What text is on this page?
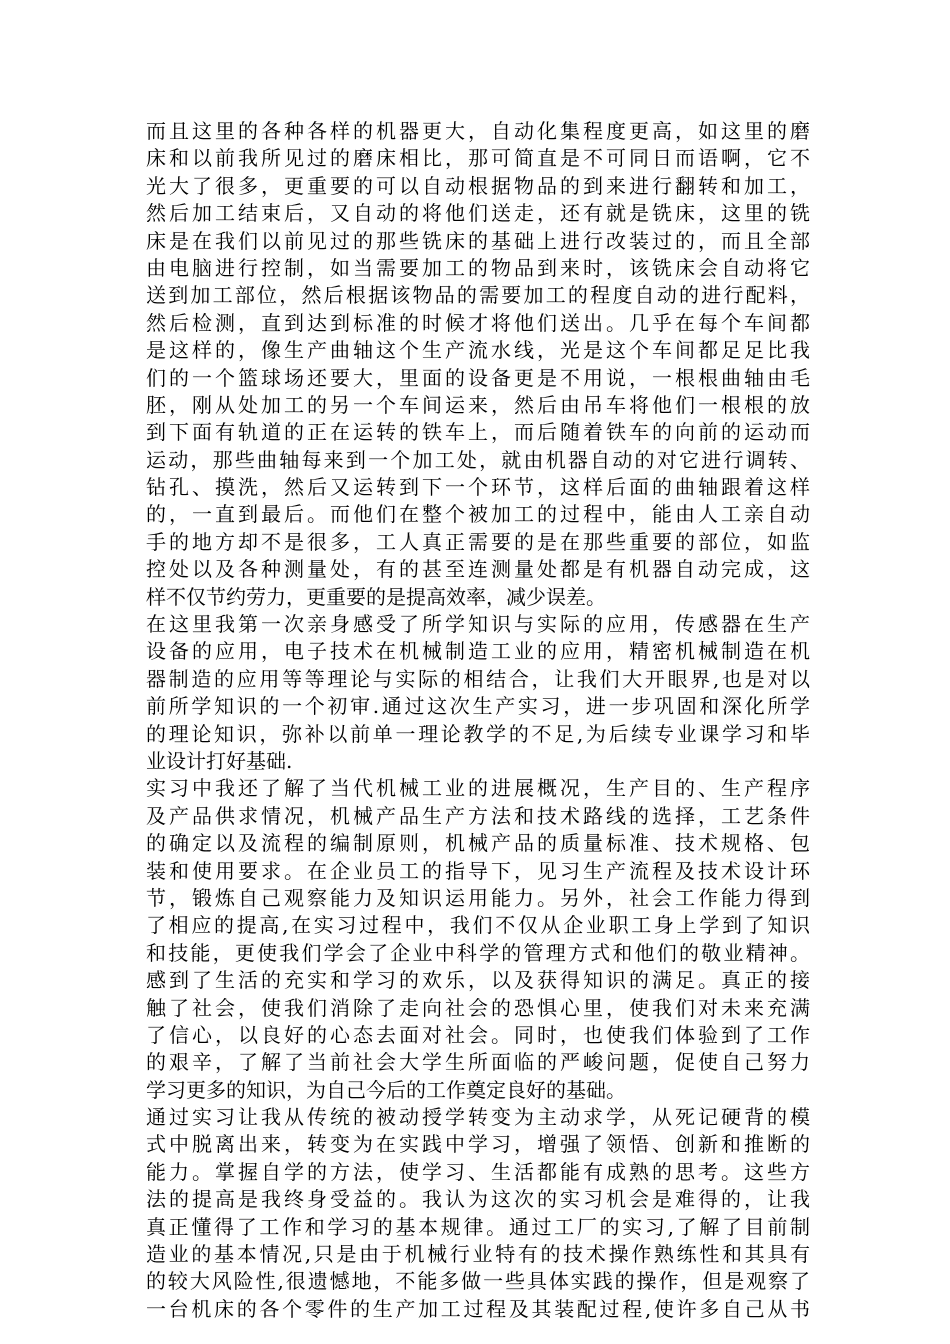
而且这里的各种各样的机器更大，自动化集程度更高，如这里的磨
床和以前我所见过的磨床相比，那可简直是不可同日而语啊，它不
光大了很多，更重要的可以自动根据物品的到来进行翻转和加工，
然后加工结束后，又自动的将他们送走，还有就是铣床，这里的铣
床是在我们以前见过的那些铣床的基础上进行改装过的，而且全部
由电脑进行控制，如当需要加工的物品到来时，该铣床会自动将它
送到加工部位，然后根据该物品的需要加工的程度自动的进行配料，
然后检测，直到达到标准的时候才将他们送出。几乎在每个车间都
是这样的，像生产曲轴这个生产流水线，光是这个车间都足足比我
们的一个篮球场还要大，里面的设备更是不用说，一根根曲轴由毛
胚，刚从处加工的另一个车间运来，然后由吊车将他们一根根的放
到下面有轨道的正在运转的铁车上，而后随着铁车的向前的运动而
运动，那些曲轴每来到一个加工处，就由机器自动的对它进行调转、
钻孔、摸洗，然后又运转到下一个环节，这样后面的曲轴跟着这样
的，一直到最后。而他们在整个被加工的过程中，能由人工亲自动
手的地方却不是很多，工人真正需要的是在那些重要的部位，如监
控处以及各种测量处，有的甚至连测量处都是有机器自动完成，这
样不仅节约劳力，更重要的是提高效率，减少误差。
在这里我第一次亲身感受了所学知识与实际的应用，传感器在生产
设备的应用，电子技术在机械制造工业的应用，精密机械制造在机
器制造的应用等等理论与实际的相结合，让我们大开眼界,也是对以
前所学知识的一个初审.通过这次生产实习，进一步巩固和深化所学
的理论知识，弥补以前单一理论教学的不足,为后续专业课学习和毕
业设计打好基础.
实习中我还了解了当代机械工业的进展概况，生产目的、生产程序
及产品供求情况，机械产品生产方法和技术路线的选择，工艺条件
的确定以及流程的编制原则，机械产品的质量标准、技术规格、包
装和使用要求。在企业员工的指导下，见习生产流程及技术设计环
节，锻炼自己观察能力及知识运用能力。另外，社会工作能力得到
了相应的提高,在实习过程中，我们不仅从企业职工身上学到了知识
和技能，更使我们学会了企业中科学的管理方式和他们的敬业精神。
感到了生活的充实和学习的欢乐，以及获得知识的满足。真正的接
触了社会，使我们消除了走向社会的恐惧心里，使我们对未来充满
了信心，以良好的心态去面对社会。同时，也使我们体验到了工作
的艰辛，了解了当前社会大学生所面临的严峻问题，促使自己努力
学习更多的知识，为自己今后的工作奠定良好的基础。
通过实习让我从传统的被动授学转变为主动求学，从死记硬背的模
式中脱离出来，转变为在实践中学习，增强了领悟、创新和推断的
能力。掌握自学的方法，使学习、生活都能有成熟的思考。这些方
法的提高是我终身受益的。我认为这次的实习机会是难得的，让我
真正懂得了工作和学习的基本规律。通过工厂的实习,了解了目前制
造业的基本情况,只是由于机械行业特有的技术操作熟练性和其具有
的较大风险性,很遗憾地，不能多做一些具体实践的操作，但是观察了
一台机床的各个零件的生产加工过程及其装配过程,使许多自己从书
